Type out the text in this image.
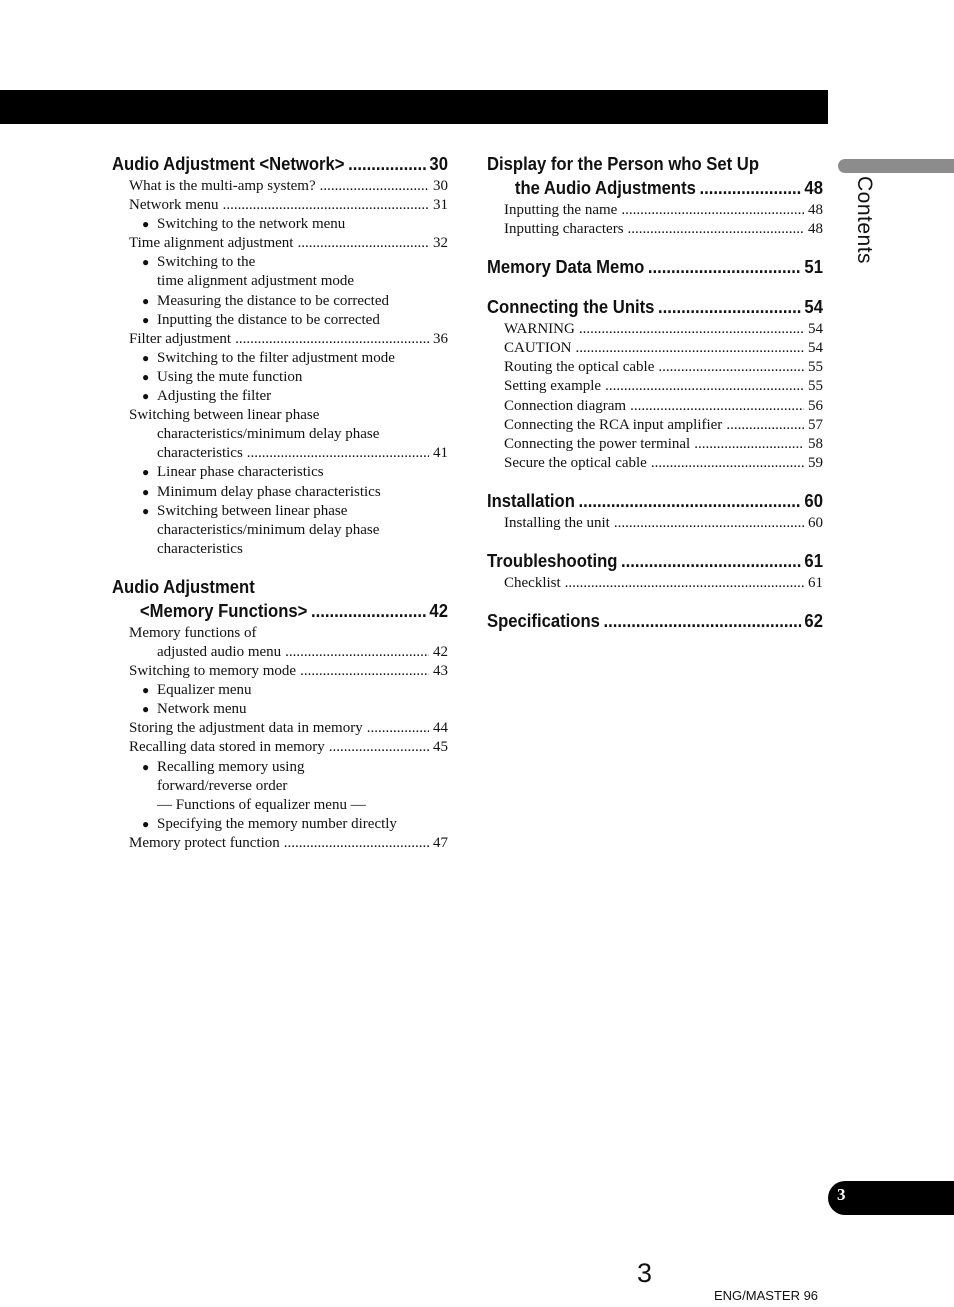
Contents
Audio Adjustment <Network> .....	30
What is the multi-amp system? .....	30
Network menu .....	31
● Switching to the network menu
Time alignment adjustment .....	32
● Switching to the
time alignment adjustment mode
● Measuring the distance to be corrected
● Inputting the distance to be corrected
Filter adjustment .....	36
● Switching to the filter adjustment mode
● Using the mute function
● Adjusting the filter
Switching between linear phase
characteristics/minimum delay phase
characteristics .....	41
● Linear phase characteristics
● Minimum delay phase characteristics
● Switching between linear phase
characteristics/minimum delay phase
characteristics
Audio Adjustment
<Memory Functions> .....	42
Memory functions of
adjusted audio menu .....	42
Switching to memory mode .....	43
● Equalizer menu
● Network menu
Storing the adjustment data in memory .....	44
Recalling data stored in memory .....	45
● Recalling memory using
forward/reverse order
— Functions of equalizer menu —
● Specifying the memory number directly
Memory protect function .....	47
Display for the Person who Set Up
the Audio Adjustments .....	48
Inputting the name .....	48
Inputting characters .....	48
Memory Data Memo .....	51
Connecting the Units .....	54
WARNING .....	54
CAUTION .....	54
Routing the optical cable .....	55
Setting example .....	55
Connection diagram .....	56
Connecting the RCA input amplifier .....	57
Connecting the power terminal .....	58
Secure the optical cable .....	59
Installation .....	60
Installing the unit .....	60
Troubleshooting .....	61
Checklist .....	61
Specifications .....	62
3
3
ENG/MASTER 96
